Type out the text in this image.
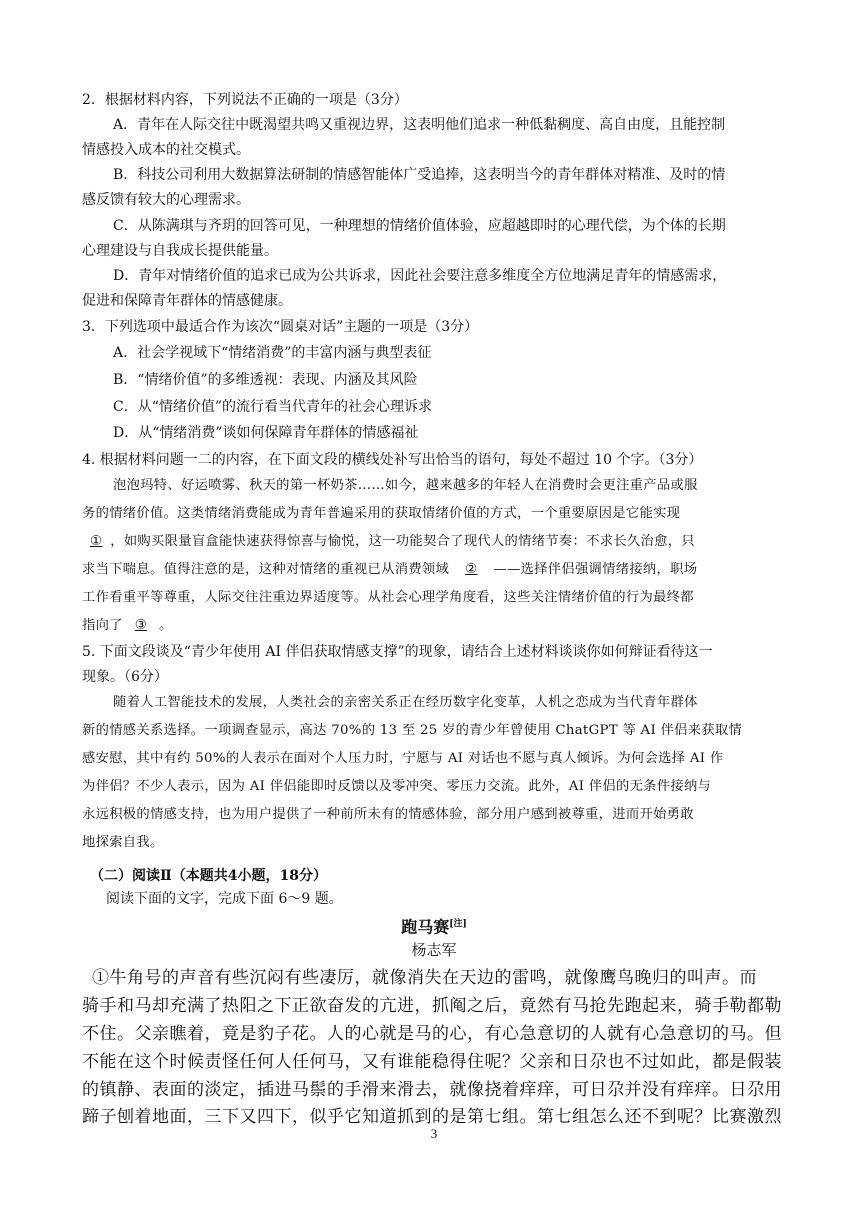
2．根据材料内容，下列说法不正确的一项是（3分）
A．青年在人际交往中既渴望共鸣又重视边界，这表明他们追求一种低黏稠度、高自由度，且能控制
情感投入成本的社交模式。
B．科技公司利用大数据算法研制的情感智能体广受追捧，这表明当今的青年群体对精准、及时的情
感反馈有较大的心理需求。
C．从陈满琪与齐玥的回答可见，一种理想的情绪价值体验，应超越即时的心理代偿，为个体的长期
心理建设与自我成长提供能量。
D．青年对情绪价值的追求已成为公共诉求，因此社会要注意多维度全方位地满足青年的情感需求，
促进和保障青年群体的情感健康。
3．下列选项中最适合作为该次“圆桌对话”主题的一项是（3分）
A．社会学视域下“情绪消费”的丰富内涵与典型表征
B．“情绪价值”的多维透视：表现、内涵及其风险
C．从“情绪价值”的流行看当代青年的社会心理诉求
D．从“情绪消费”谈如何保障青年群体的情感福祉
4. 根据材料问题一二的内容，在下面文段的横线处补写出恰当的语句，每处不超过 10 个字。（3分）
泡泡玛特、好运喷雾、秋天的第一杯奶茶……如今，越来越多的年轻人在消费时会更注重产品或服
务的情绪价值。这类情绪消费能成为青年普遍采用的获取情绪价值的方式，一个重要原因是它能实现
① ，如购买限量盲盒能快速获得惊喜与愉悦，这一功能契合了现代人的情绪节奏：不求长久治愈，只
求当下喘息。值得注意的是，这种对情绪的重视已从消费领域 ② ——选择伴侣强调情绪接纳，职场
工作看重平等尊重，人际交往注重边界适度等。从社会心理学角度看，这些关注情绪价值的行为最终都
指向了 ③ 。
5. 下面文段谈及“青少年使用 AI 伴侣获取情感支撑”的现象，请结合上述材料谈谈你如何辩证看待这一
现象。（6分）
随着人工智能技术的发展，人类社会的亲密关系正在经历数字化变革，人机之恋成为当代青年群体
新的情感关系选择。一项调查显示，高达 70%的 13 至 25 岁的青少年曾使用 ChatGPT 等 AI 伴侣来获取情
感安慰，其中有约 50%的人表示在面对个人压力时，宁愿与 AI 对话也不愿与真人倾诉。为何会选择 AI 作
为伴侣？不少人表示，因为 AI 伴侣能即时反馈以及零冲突、零压力交流。此外，AI 伴侣的无条件接纳与
永远积极的情感支持，也为用户提供了一种前所未有的情感体验，部分用户感到被尊重，进而开始勇敢
地探索自我。
（二）阅读Ⅱ（本题共4小题，18分）
阅读下面的文字，完成下面 6～9 题。
跑马赛[注]
杨志军
①牛角号的声音有些沉闷有些凄厉，就像消失在天边的雷鸣，就像鹰鸟晚归的叫声。而
骑手和马却充满了热阳之下正欲奋发的亢进，抓阄之后，竟然有马抢先跑起来，骑手勒都勒
不住。父亲瞧着，竟是豹子花。人的心就是马的心，有心急意切的人就有心急意切的马。但
不能在这个时候责怪任何人任何马，又有谁能稳得住呢？父亲和日尕也不过如此，都是假装
的镇静、表面的淡定，插进马鬃的手滑来滑去，就像挠着痒痒，可日尕并没有痒痒。日尕用
蹄子刨着地面，三下又四下，似乎它知道抓到的是第七组。第七组怎么还不到呢？比赛激烈
3
